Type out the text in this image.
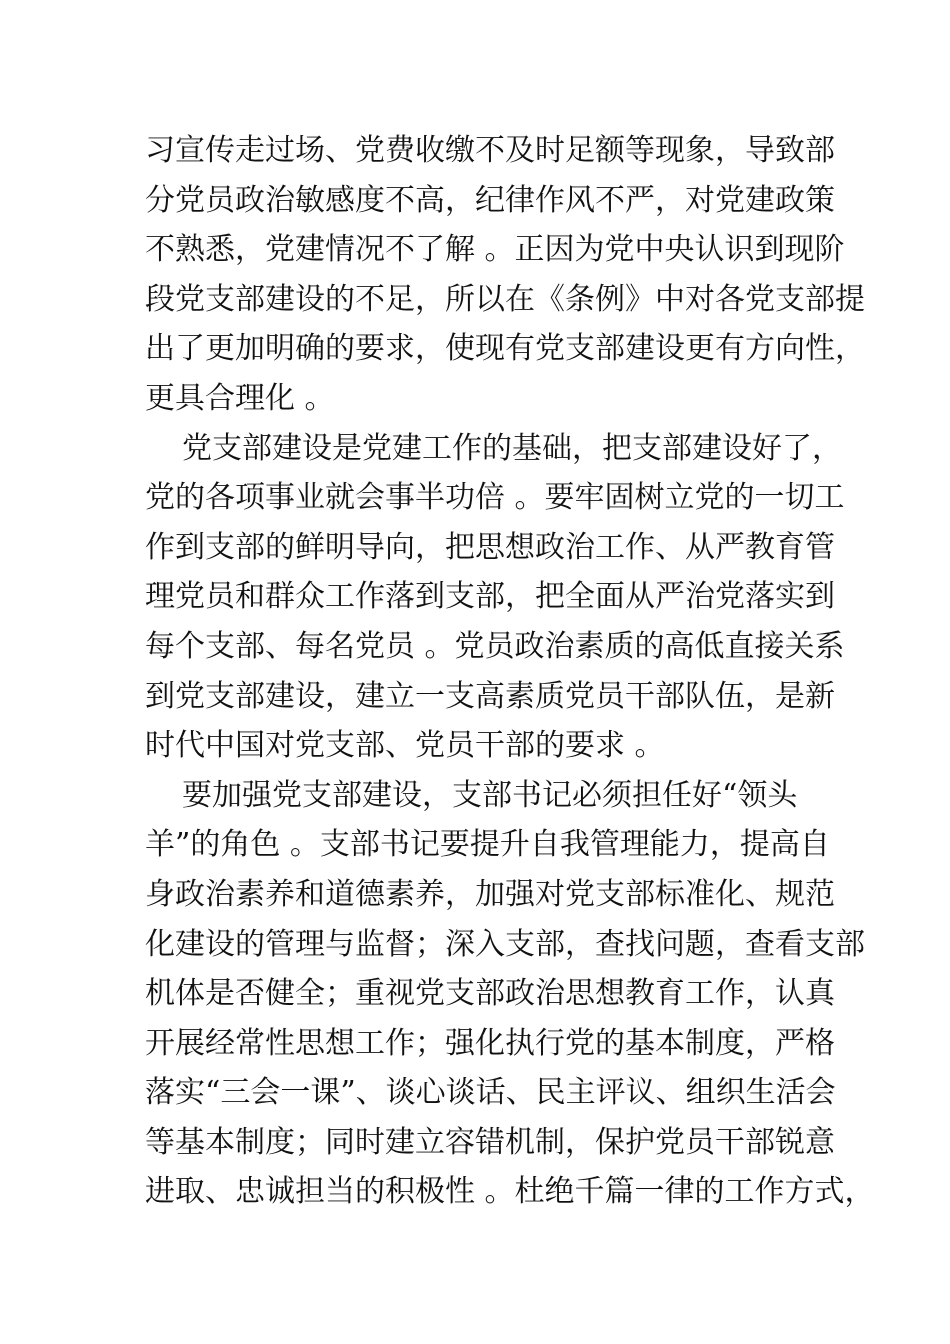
习宣传走过场、党费收缴不及时足额等现象，导致部
分党员政治敏感度不高，纪律作风不严，对党建政策
不熟悉，党建情况不了解 。正因为党中央认识到现阶
段党支部建设的不足，所以在《条例》中对各党支部提
出了更加明确的要求，使现有党支部建设更有方向性，
更具合理化 。
党支部建设是党建工作的基础，把支部建设好了，
党的各项事业就会事半功倍 。要牢固树立党的一切工
作到支部的鲜明导向，把思想政治工作、从严教育管
理党员和群众工作落到支部，把全面从严治党落实到
每个支部、每名党员 。党员政治素质的高低直接关系
到党支部建设，建立一支高素质党员干部队伍，是新
时代中国对党支部、党员干部的要求 。
要加强党支部建设，支部书记必须担任好“领头
羊”的角色 。支部书记要提升自我管理能力，提高自
身政治素养和道德素养，加强对党支部标准化、规范
化建设的管理与监督；深入支部，查找问题，查看支部
机体是否健全；重视党支部政治思想教育工作，认真
开展经常性思想工作；强化执行党的基本制度，严格
落实“三会一课”、谈心谈话、民主评议、组织生活会
等基本制度；同时建立容错机制，保护党员干部锐意
进取、忠诚担当的积极性 。杜绝千篇一律的工作方式，
